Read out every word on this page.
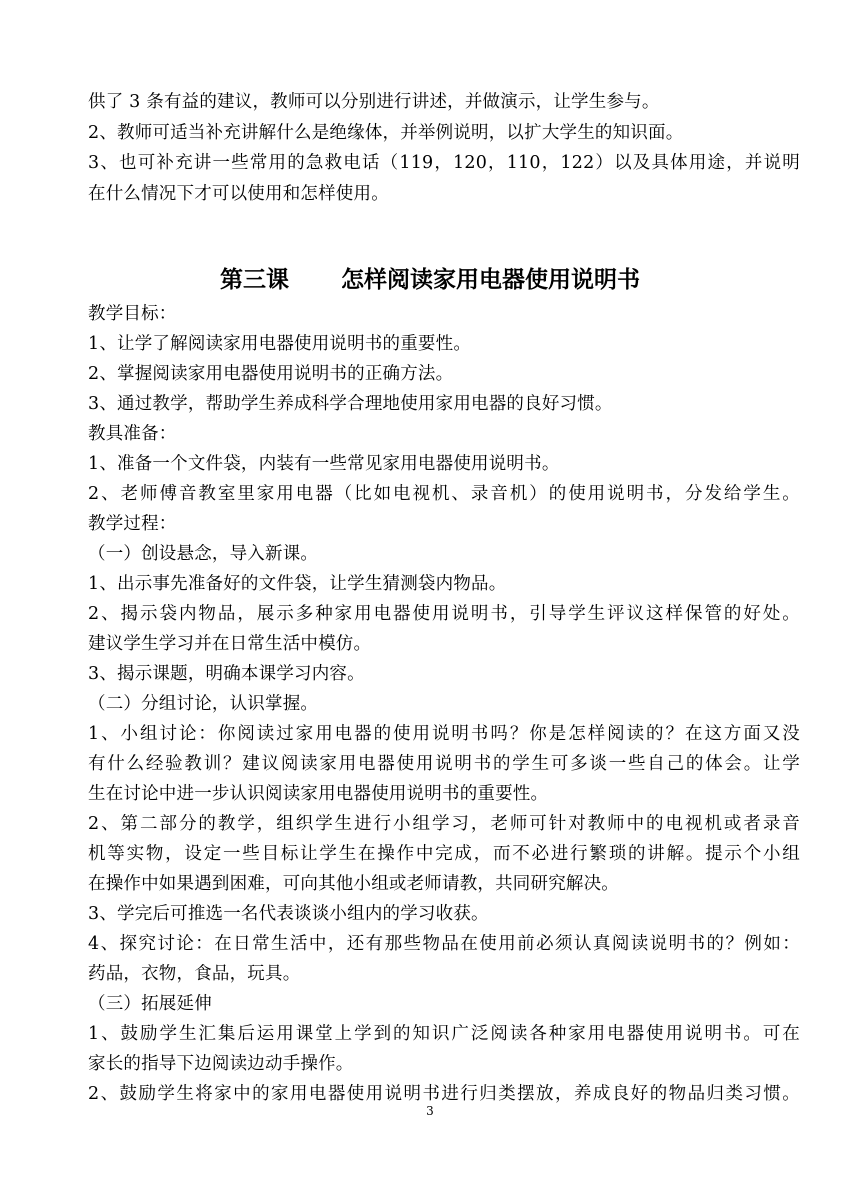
供了 3 条有益的建议，教师可以分别进行讲述，并做演示，让学生参与。
2、教师可适当补充讲解什么是绝缘体，并举例说明，以扩大学生的知识面。
3、也可补充讲一些常用的急救电话（119，120，110，122）以及具体用途，并说明
在什么情况下才可以使用和怎样使用。
第三课 怎样阅读家用电器使用说明书
教学目标：
1、让学了解阅读家用电器使用说明书的重要性。
2、掌握阅读家用电器使用说明书的正确方法。
3、通过教学，帮助学生养成科学合理地使用家用电器的良好习惯。
教具准备：
1、准备一个文件袋，内装有一些常见家用电器使用说明书。
2、老师傅音教室里家用电器（比如电视机、录音机）的使用说明书，分发给学生。
教学过程：
（一）创设悬念，导入新课。
1、出示事先准备好的文件袋，让学生猜测袋内物品。
2、揭示袋内物品，展示多种家用电器使用说明书，引导学生评议这样保管的好处。
建议学生学习并在日常生活中模仿。
3、揭示课题，明确本课学习内容。
（二）分组讨论，认识掌握。
1、小组讨论：你阅读过家用电器的使用说明书吗？你是怎样阅读的？在这方面又没
有什么经验教训？建议阅读家用电器使用说明书的学生可多谈一些自己的体会。让学
生在讨论中进一步认识阅读家用电器使用说明书的重要性。
2、第二部分的教学，组织学生进行小组学习，老师可针对教师中的电视机或者录音
机等实物，设定一些目标让学生在操作中完成，而不必进行繁琐的讲解。提示个小组
在操作中如果遇到困难，可向其他小组或老师请教，共同研究解决。
3、学完后可推选一名代表谈谈小组内的学习收获。
4、探究讨论：在日常生活中，还有那些物品在使用前必须认真阅读说明书的？例如：
药品，衣物，食品，玩具。
（三）拓展延伸
1、鼓励学生汇集后运用课堂上学到的知识广泛阅读各种家用电器使用说明书。可在
家长的指导下边阅读边动手操作。
2、鼓励学生将家中的家用电器使用说明书进行归类摆放，养成良好的物品归类习惯。
3
